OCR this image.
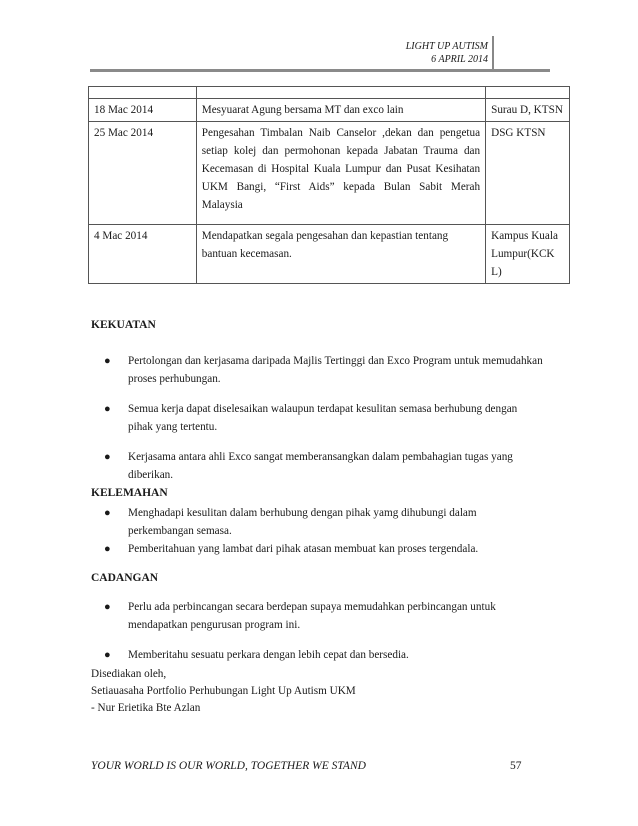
LIGHT UP AUTISM
6 APRIL 2014

18 Mac 2014	Mesyuarat Agung bersama MT dan exco lain	Surau D, KTSN
25 Mac 2014	Pengesahan Timbalan Naib Canselor ,dekan dan pengetua setiap kolej dan permohonan kepada Jabatan Trauma dan Kecemasan di Hospital Kuala Lumpur dan Pusat Kesihatan UKM Bangi, “First Aids” kepada Bulan Sabit Merah Malaysia	DSG KTSN
4 Mac 2014	Mendapatkan segala pengesahan dan kepastian tentang bantuan kecemasan.	Kampus Kuala Lumpur(KCKL)
KEKUATAN
● Pertolongan dan kerjasama daripada Majlis Tertinggi dan Exco Program untuk memudahkan proses perhubungan.
● Semua kerja dapat diselesaikan walaupun terdapat kesulitan semasa berhubung dengan pihak yang tertentu.
● Kerjasama antara ahli Exco sangat memberansangkan dalam pembahagian tugas yang diberikan.
KELEMAHAN
● Menghadapi kesulitan dalam berhubung dengan pihak yamg dihubungi dalam perkembangan semasa.
● Pemberitahuan yang lambat dari pihak atasan membuat kan proses tergendala.
CADANGAN
● Perlu ada perbincangan secara berdepan supaya memudahkan perbincangan untuk mendapatkan pengurusan program ini.
● Memberitahu sesuatu perkara dengan lebih cepat dan bersedia.
Disediakan oleh,
Setiauasaha Portfolio Perhubungan Light Up Autism UKM
- Nur Erietika Bte Azlan
YOUR WORLD IS OUR WORLD, TOGETHER WE STAND	57
